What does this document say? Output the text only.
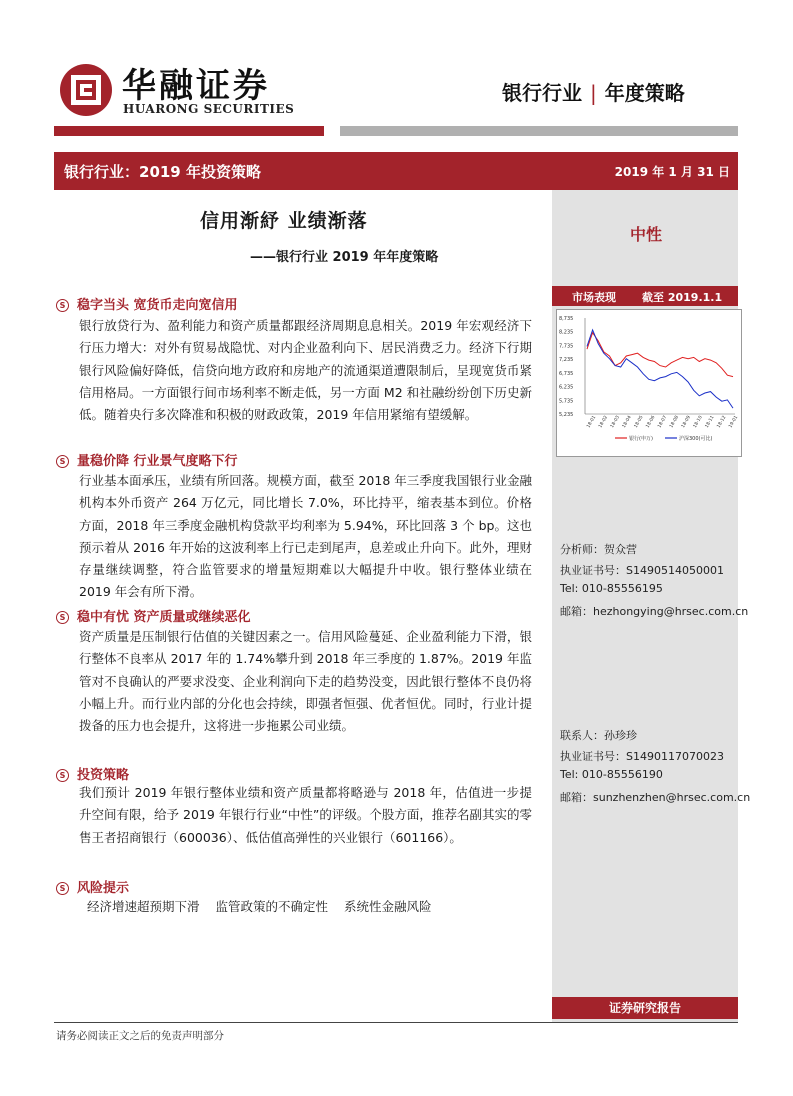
华融证券
HUARONG SECURITIES
银行行业 | 年度策略
银行行业：2019 年投资策略	2019 年 1 月 31 日
中性
市场表现 截至 2019.1.1
8,735
8,235
7,735
7,235
6,735
6,235
5,735
5,235
18-01 18-02 18-03 18-04 18-05 18-06 18-07 18-08 18-09 18-10 18-11 18-12 19-01
银行(申万)	沪深300(可比)
分析师：贺众营
执业证书号：S1490514050001
Tel: 010-85556195
邮箱：hezhongying@hrsec.com.cn
联系人：孙珍珍
执业证书号：S1490117070023
Tel: 010-85556190
邮箱：sunzhenzhen@hrsec.com.cn
证券研究报告
信用渐紓 业绩渐落
——银行行业 2019 年年度策略
S 稳字当头 宽货币走向宽信用
银行放贷行为、盈利能力和资产质量都跟经济周期息息相关。2019 年宏观经济下行压力增大：对外有贸易战隐忧、对内企业盈利向下、居民消费乏力。经济下行期银行风险偏好降低，信贷向地方政府和房地产的流通渠道遭限制后，呈现宽货币紧信用格局。一方面银行间市场利率不断走低，另一方面 M2 和社融纷纷创下历史新低。随着央行多次降准和积极的财政政策，2019 年信用紧缩有望缓解。
S 量稳价降 行业景气度略下行
行业基本面承压，业绩有所回落。规模方面，截至 2018 年三季度我国银行业金融机构本外币资产 264 万亿元，同比增长 7.0%，环比持平，缩表基本到位。价格方面，2018 年三季度金融机构贷款平均利率为 5.94%，环比回落 3 个 bp。这也预示着从 2016 年开始的这波利率上行已走到尾声，息差或止升向下。此外，理财存量继续调整，符合监管要求的增量短期难以大幅提升中收。银行整体业绩在 2019 年会有所下滑。
S 稳中有忧 资产质量或继续恶化
资产质量是压制银行估值的关键因素之一。信用风险蔓延、企业盈利能力下滑，银行整体不良率从 2017 年的 1.74%攀升到 2018 年三季度的 1.87%。2019 年监管对不良确认的严要求没变、企业利润向下走的趋势没变，因此银行整体不良仍将小幅上升。而行业内部的分化也会持续，即强者恒强、优者恒优。同时，行业计提拨备的压力也会提升，这将进一步拖累公司业绩。
S 投资策略
我们预计 2019 年银行整体业绩和资产质量都将略逊与 2018 年，估值进一步提升空间有限，给予 2019 年银行行业“中性”的评级。个股方面，推荐名副其实的零售王者招商银行（600036）、低估值高弹性的兴业银行（601166）。
S 风险提示
经济增速超预期下滑 监管政策的不确定性 系统性金融风险
请务必阅读正文之后的免责声明部分
